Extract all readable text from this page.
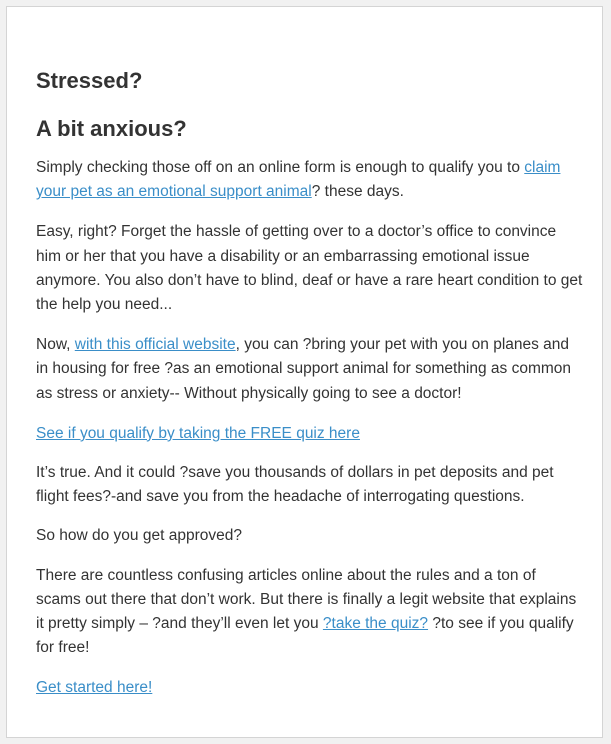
Stressed?
A bit anxious?

Simply checking those off on an online form is enough to qualify you to claim your pet as an emotional support animal? these days.

Easy, right? Forget the hassle of getting over to a doctor’s office to convince him or her that you have a disability or an embarrassing emotional issue anymore. You also don’t have to blind, deaf or have a rare heart condition to get the help you need...

Now, with this official website, you can ?bring your pet with you on planes and in housing for free ?as an emotional support animal for something as common as stress or anxiety-- Without physically going to see a doctor!

See if you qualify by taking the FREE quiz here

It’s true. And it could ?save you thousands of dollars in pet deposits and pet flight fees?-and save you from the headache of interrogating questions.

So how do you get approved?

There are countless confusing articles online about the rules and a ton of scams out there that don’t work. But there is finally a legit website that explains it pretty simply – ?and they’ll even let you ?take the quiz? ?to see if you qualify for free!

Get started here!
